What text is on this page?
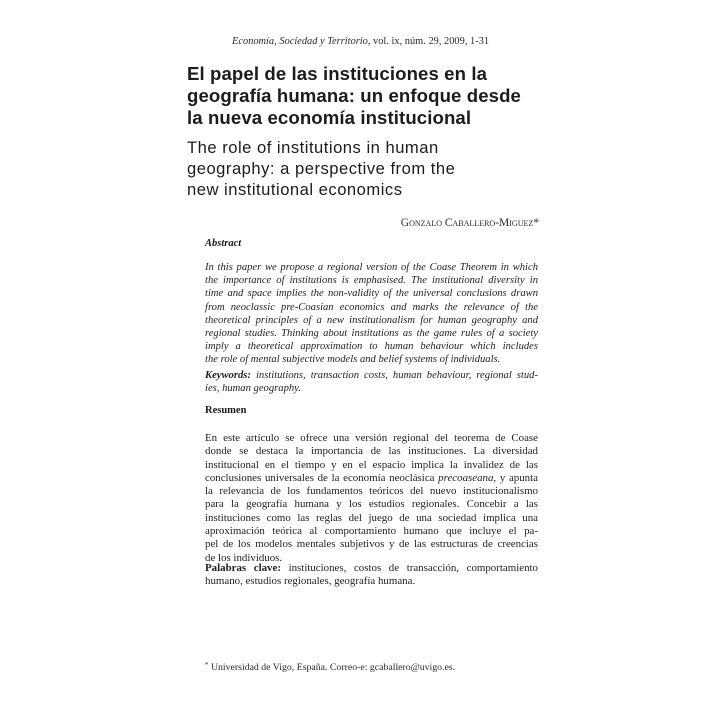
Economía, Sociedad y Territorio, vol. ix, núm. 29, 2009, 1-31
El papel de las instituciones en la
geografía humana: un enfoque desde
la nueva economía institucional
The role of institutions in human
geography: a perspective from the
new institutional economics
Gonzalo Caballero-Miguez*
Abstract
In this paper we propose a regional version of the Coase Theorem in which
the importance of institutions is emphasised. The institutional diversity in
time and space implies the non-validity of the universal conclusions drawn
from neoclassic pre-Coasian economics and marks the relevance of the
theoretical principles of a new institutionalism for human geography and
regional studies. Thinking about institutions as the game rules of a society
imply a theoretical approximation to human behaviour which includes
the role of mental subjective models and belief systems of individuals.
Keywords: institutions, transaction costs, human behaviour, regional stud-
ies, human geography.
Resumen
En este artículo se ofrece una versión regional del teorema de Coase
donde se destaca la importancia de las instituciones. La diversidad
institucional en el tiempo y en el espacio implica la invalidez de las
conclusiones universales de la economía neoclásica precoaseana, y apunta
la relevancia de los fundamentos teóricos del nuevo institucionalismo
para la geografía humana y los estudios regionales. Concebir a las
instituciones como las reglas del juego de una sociedad implica una
aproximación teórica al comportamiento humano que incluye el pa-
pel de los modelos mentales subjetivos y de las estructuras de creencias
de los individuos.
Palabras clave: instituciones, costos de transacción, comportamiento
humano, estudios regionales, geografía humana.
* Universidad de Vigo, España. Correo-e: gcaballero@uvigo.es.
